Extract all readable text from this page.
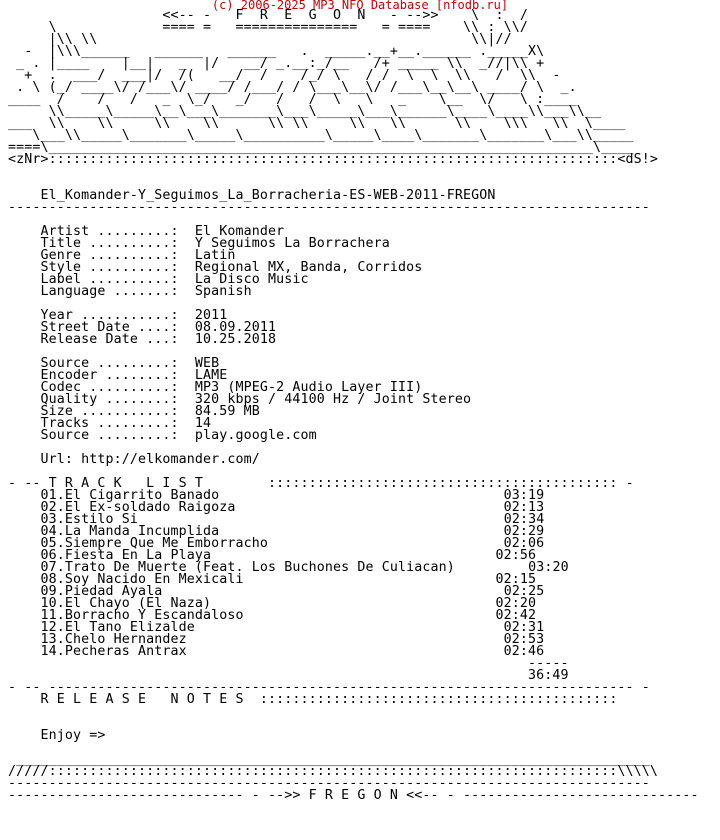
(c) 2006-2025 MP3 NFO Database [nfodb.ru]
<<-- -   F  R  E  G  O  N   - -->>    \  :  /
\             ==== =   ===============   = ====    \\ : \\/
|\\ \\                                              \\|//
-  |\\\______   ______   ______   .  _____.__+__.______ ._____X\
_ . |____    |__|   _  |/   __/ _.__:_/__   /+ _____ \\  _//|\\ +
+  .  ___/  ___|/  /(   __/  /    /_/ \   / /  \  \  \\   /  \\  -
. \ (_/ ____\/ /___\/ ____/ /___/ / \___\__\/ /___\__\__\ ____/ \  _.
____  /    /   /   _  \_/   _/   /   /  \   \   _    \__  \/   \ :____
\\_____\_____\__\___\_______\___\_____\___\______\____\____\\___\\__
___  \\    \\     \\    \\      \\ \\     \\   \\      \\    \\\   \\  \____
\___\\_____\_______\_____\__________\_____\____\_______\_______\___\\_____
====\___________________________________________________________________\____
<zNr>::::::::::::::::::::::::::::::::::::::::::::::::::::::::::::::::::::::<dS!>
El_Komander-Y_Seguimos_La_Borracheria-ES-WEB-2011-FREGON
-------------------------------------------------------------------------------

Artist .........: El Komander
Title ..........: Y Seguimos La Borrachera
Genre ..........: Latin
Style ..........: Regional MX, Banda, Corridos
Label ..........: La Disco Music
Language .......: Spanish

Year ...........: 2011
Street Date ....: 08.09.2011
Release Date ...: 10.25.2018

Source .........: WEB
Encoder ........: LAME
Codec ..........: MP3 (MPEG-2 Audio Layer III)
Quality ........: 320 kbps / 44100 Hz / Joint Stereo
Size ...........: 84.59 MB
Tracks .........: 14
Source .........: play.google.com

Url: http://elkomander.com/

- -- T R A C K   L I S T	::::::::::::::::::::::::::::::::::::::::::: -
01.El Cigarrito Banado	03:19
02.El Ex-soldado Raigoza	02:13
03.Estilo Si	02:34
04.La Manda Incumplida	02:29
05.Siempre Que Me Emborracho	02:06
06.Fiesta En La Playa	02:56
07.Trato De Muerte (Feat. Los Buchones De Culiacan)	03:20
08.Soy Nacido En Mexicali	02:15
09.Piedad Ayala	02:25
10.El Chayo (El Naza)	02:20
11.Borracho Y Escandaloso	02:42
12.El Tano Elizalde	02:31
13.Chelo Hernandez	02:53
14.Pecheras Antrax	02:46
-----
36:49
- -- ------------------------------------------------------------------------ -
R E L E A S E   N O T E S ::::::::::::::::::::::::::::::::::::::::::::

Enjoy =>

______________________________________________________________________________
/////::::::::::::::::::::::::::::::::::::::::::::::::::::::::::::::::::::::\\\\\
-------------------------------------------------------------------------------
----------------------------- - -->> F R E G O N <<-- - -----------------------------
